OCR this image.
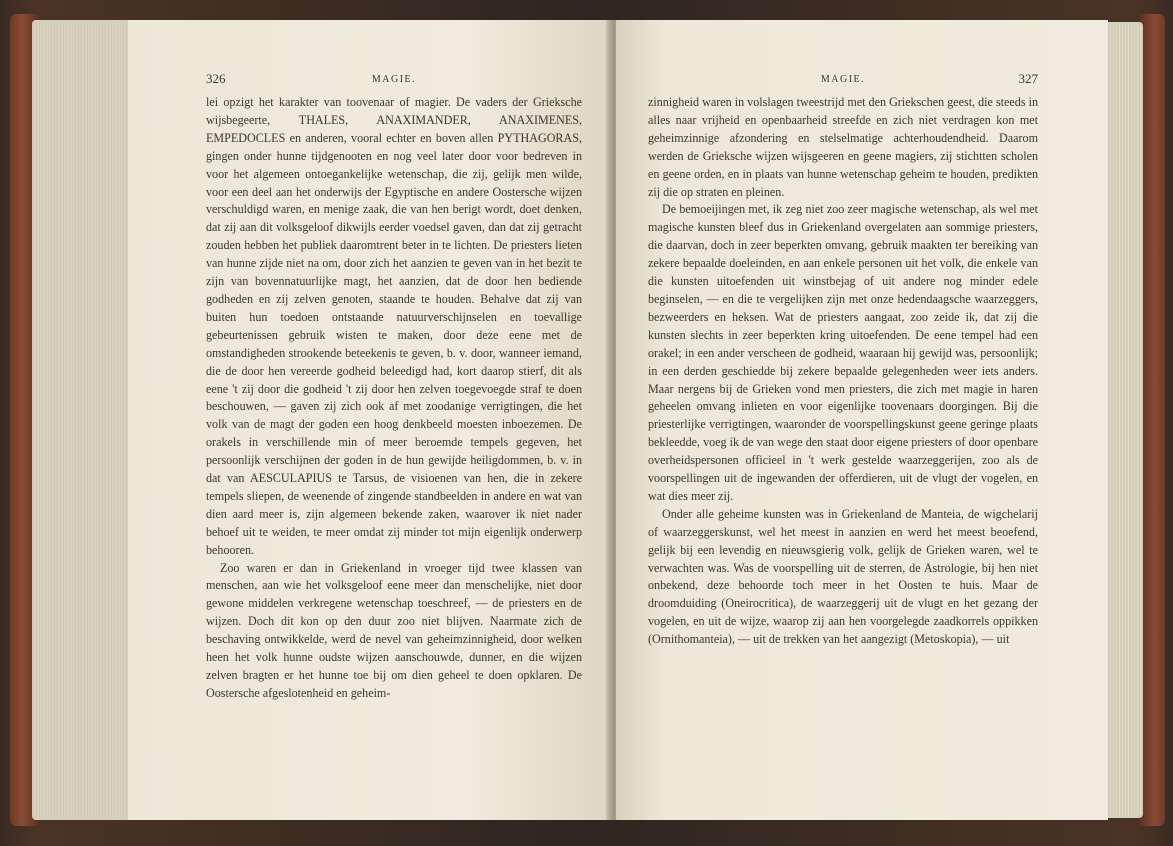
326	MAGIE.

lei opzigt het karakter van toovenaar of magier. De vaders der Grieksche wijsbegeerte, THALES, ANAXIMANDER, ANAXIMENES, EMPEDOCLES en anderen, vooral echter en boven allen PYTHAGORAS, gingen onder hunne tijdgenooten en nog veel later door voor bedreven in voor het algemeen ontoegankelijke wetenschap, die zij, gelijk men wilde, voor een deel aan het onderwijs der Egyptische en andere Oostersche wijzen verschuldigd waren, en menige zaak, die van hen berigt wordt, doet denken, dat zij aan dit volksgeloof dikwijls eerder voedsel gaven, dan dat zij getracht zouden hebben het publiek daaromtrent beter in te lichten. De priesters lieten van hunne zijde niet na om, door zich het aanzien te geven van in het bezit te zijn van bovennatuurlijke magt, het aanzien, dat de door hen bediende godheden en zij zelven genoten, staande te houden. Behalve dat zij van buiten hun toedoen ontstaande natuurverschijnselen en toevallige gebeurtenissen gebruik wisten te maken, door deze eene met de omstandigheden strookende beteekenis te geven, b. v. door, wanneer iemand, die de door hen vereerde godheid beleedigd had, kort daarop stierf, dit als eene 't zij door die godheid 't zij door hen zelven toegevoegde straf te doen beschouwen, — gaven zij zich ook af met zoodanige verrigtingen, die het volk van de magt der goden een hoog denkbeeld moesten inboezemen. De orakels in verschillende min of meer beroemde tempels gegeven, het persoonlijk verschijnen der goden in de hun gewijde heiligdommen, b. v. in dat van AESCULAPIUS te Tarsus, de visioenen van hen, die in zekere tempels sliepen, de weenende of zingende standbeelden in andere en wat van dien aard meer is, zijn algemeen bekende zaken, waarover ik niet nader behoef uit te weiden, te meer omdat zij minder tot mijn eigenlijk onderwerp behooren.

Zoo waren er dan in Griekenland in vroeger tijd twee klassen van menschen, aan wie het volksgeloof eene meer dan menschelijke, niet door gewone middelen verkregene wetenschap toeschreef, — de priesters en de wijzen. Doch dit kon op den duur zoo niet blijven. Naarmate zich de beschaving ontwikkelde, werd de nevel van geheimzinnigheid, door welken heen het volk hunne oudste wijzen aanschouwde, dunner, en die wijzen zelven bragten er het hunne toe bij om dien geheel te doen opklaren. De Oostersche afgeslotenheid en geheim-

MAGIE.	327

zinnigheid waren in volslagen tweestrijd met den Griekschen geest, die steeds in alles naar vrijheid en openbaarheid streefde en zich niet verdragen kon met geheimzinnige afzondering en stelselmatige achterhoudendheid. Daarom werden de Grieksche wijzen wijsgeeren en geene magiers, zij stichtten scholen en geene orden, en in plaats van hunne wetenschap geheim te houden, predikten zij die op straten en pleinen.

De bemoeijingen met, ik zeg niet zoo zeer magische wetenschap, als wel met magische kunsten bleef dus in Griekenland overgelaten aan sommige priesters, die daarvan, doch in zeer beperkten omvang, gebruik maakten ter bereiking van zekere bepaalde doeleinden, en aan enkele personen uit het volk, die enkele van die kunsten uitoefenden uit winstbejag of uit andere nog minder edele beginselen, — en die te vergelijken zijn met onze hedendaagsche waarzeggers, bezweerders en heksen. Wat de priesters aangaat, zoo zeide ik, dat zij die kunsten slechts in zeer beperkten kring uitoefenden. De eene tempel had een orakel; in een ander verscheen de godheid, waaraan hij gewijd was, persoonlijk; in een derden geschiedde bij zekere bepaalde gelegenheden weer iets anders. Maar nergens bij de Grieken vond men priesters, die zich met magie in haren geheelen omvang inlieten en voor eigenlijke toovenaars doorgingen. Bij die priesterlijke verrigtingen, waaronder de voorspellingskunst geene geringe plaats bekleedde, voeg ik de van wege den staat door eigene priesters of door openbare overheidspersonen officieel in 't werk gestelde waarzeggerijen, zoo als de voorspellingen uit de ingewanden der offerdieren, uit de vlugt der vogelen, en wat dies meer zij.

Onder alle geheime kunsten was in Griekenland de Manteia, de wigchelarij of waarzeggerskunst, wel het meest in aanzien en werd het meest beoefend, gelijk bij een levendig en nieuwsgierig volk, gelijk de Grieken waren, wel te verwachten was. Was de voorspelling uit de sterren, de Astrologie, bij hen niet onbekend, deze behoorde toch meer in het Oosten te huis. Maar de droomduiding (Oneirocritica), de waarzeggerij uit de vlugt en het gezang der vogelen, en uit de wijze, waarop zij aan hen voorgelegde zaadkorrels oppikken (Ornithomanteia), — uit de trekken van het aangezigt (Metoskopia), — uit
